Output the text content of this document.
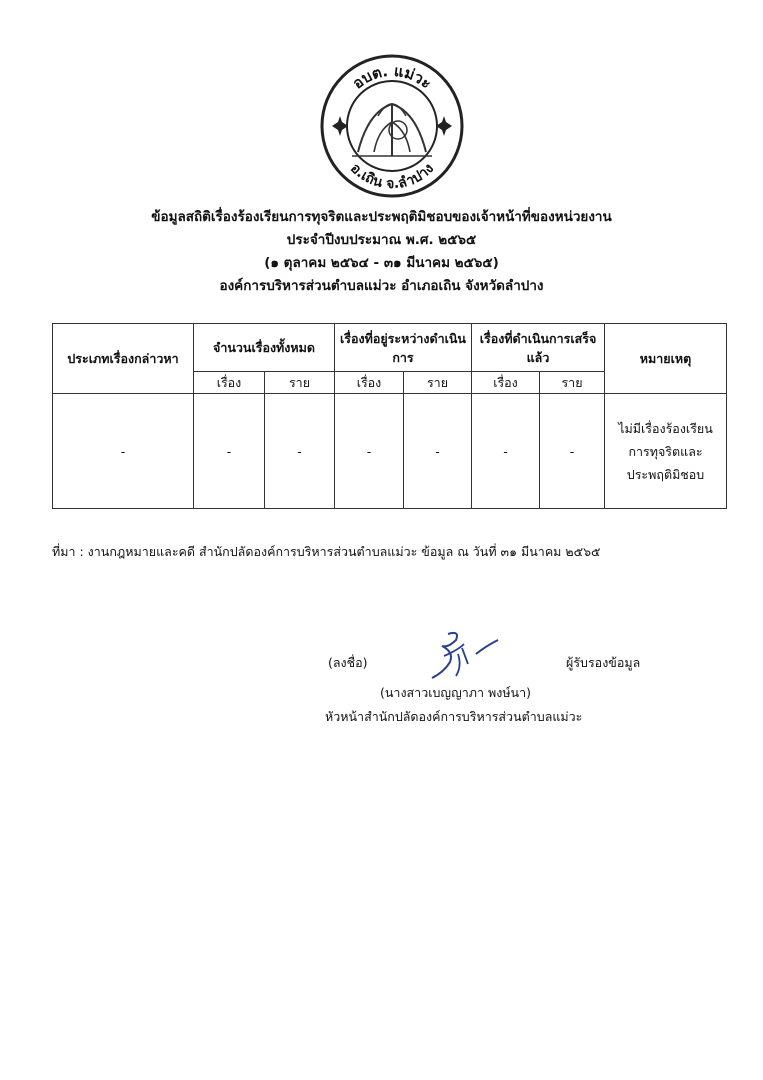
อบต. แม่วะ
อ.เถิน จ.ลำปาง
ข้อมูลสถิติเรื่องร้องเรียนการทุจริตและประพฤติมิชอบของเจ้าหน้าที่ของหน่วยงาน
ประจำปีงบประมาณ พ.ศ. ๒๕๖๕
(๑ ตุลาคม ๒๕๖๔ - ๓๑ มีนาคม ๒๕๖๕)
องค์การบริหารส่วนตำบลแม่วะ อำเภอเถิน จังหวัดลำปาง
ประเภทเรื่องกล่าวหา	จำนวนเรื่องทั้งหมด		เรื่องที่อยู่ระหว่างดำเนินการ		เรื่องที่ดำเนินการเสร็จแล้ว		หมายเหตุ
	เรื่อง	ราย	เรื่อง	ราย	เรื่อง	ราย	
-	-	-	-	-	-	-	ไม่มีเรื่องร้องเรียน
การทุจริตและ
ประพฤติมิชอบ
ที่มา : งานกฎหมายและคดี สำนักปลัดองค์การบริหารส่วนตำบลแม่วะ ข้อมูล ณ วันที่ ๓๑ มีนาคม ๒๕๖๕
(ลงชื่อ)	ผู้รับรองข้อมูล
(นางสาวเบญญาภา พงษ์นา)
หัวหน้าสำนักปลัดองค์การบริหารส่วนตำบลแม่วะ
